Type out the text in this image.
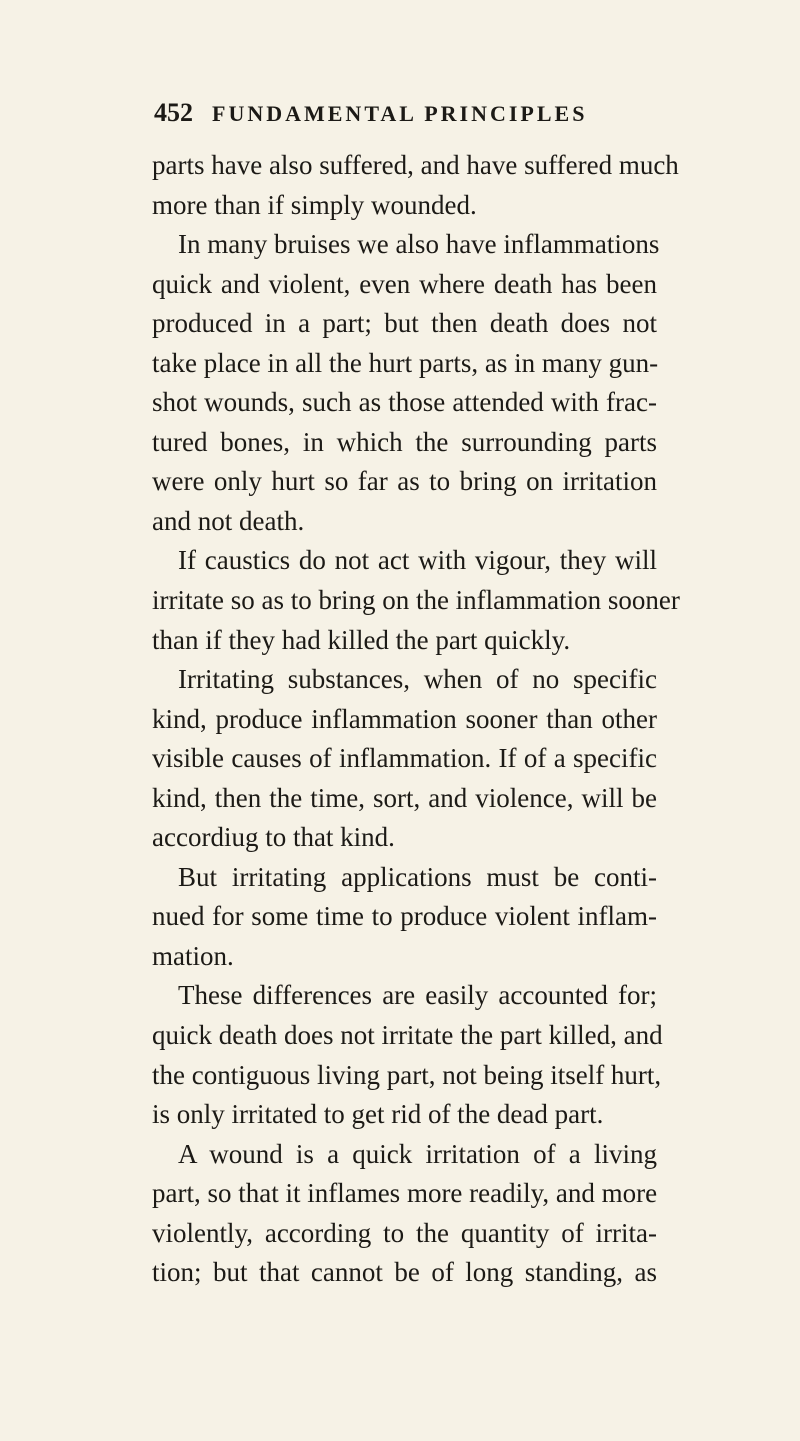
452 FUNDAMENTAL PRINCIPLES
parts have also suffered, and have suffered much
more than if simply wounded.
In many bruises we also have inflammations
quick and violent, even where death has been
produced in a part; but then death does not
take place in all the hurt parts, as in many gun-
shot wounds, such as those attended with frac-
tured bones, in which the surrounding parts
were only hurt so far as to bring on irritation
and not death.
If caustics do not act with vigour, they will
irritate so as to bring on the inflammation sooner
than if they had killed the part quickly.
Irritating substances, when of no specific
kind, produce inflammation sooner than other
visible causes of inflammation. If of a specific
kind, then the time, sort, and violence, will be
accordiug to that kind.
But irritating applications must be conti-
nued for some time to produce violent inflam-
mation.
These differences are easily accounted for;
quick death does not irritate the part killed, and
the contiguous living part, not being itself hurt,
is only irritated to get rid of the dead part.
A wound is a quick irritation of a living
part, so that it inflames more readily, and more
violently, according to the quantity of irrita-
tion; but that cannot be of long standing, as
